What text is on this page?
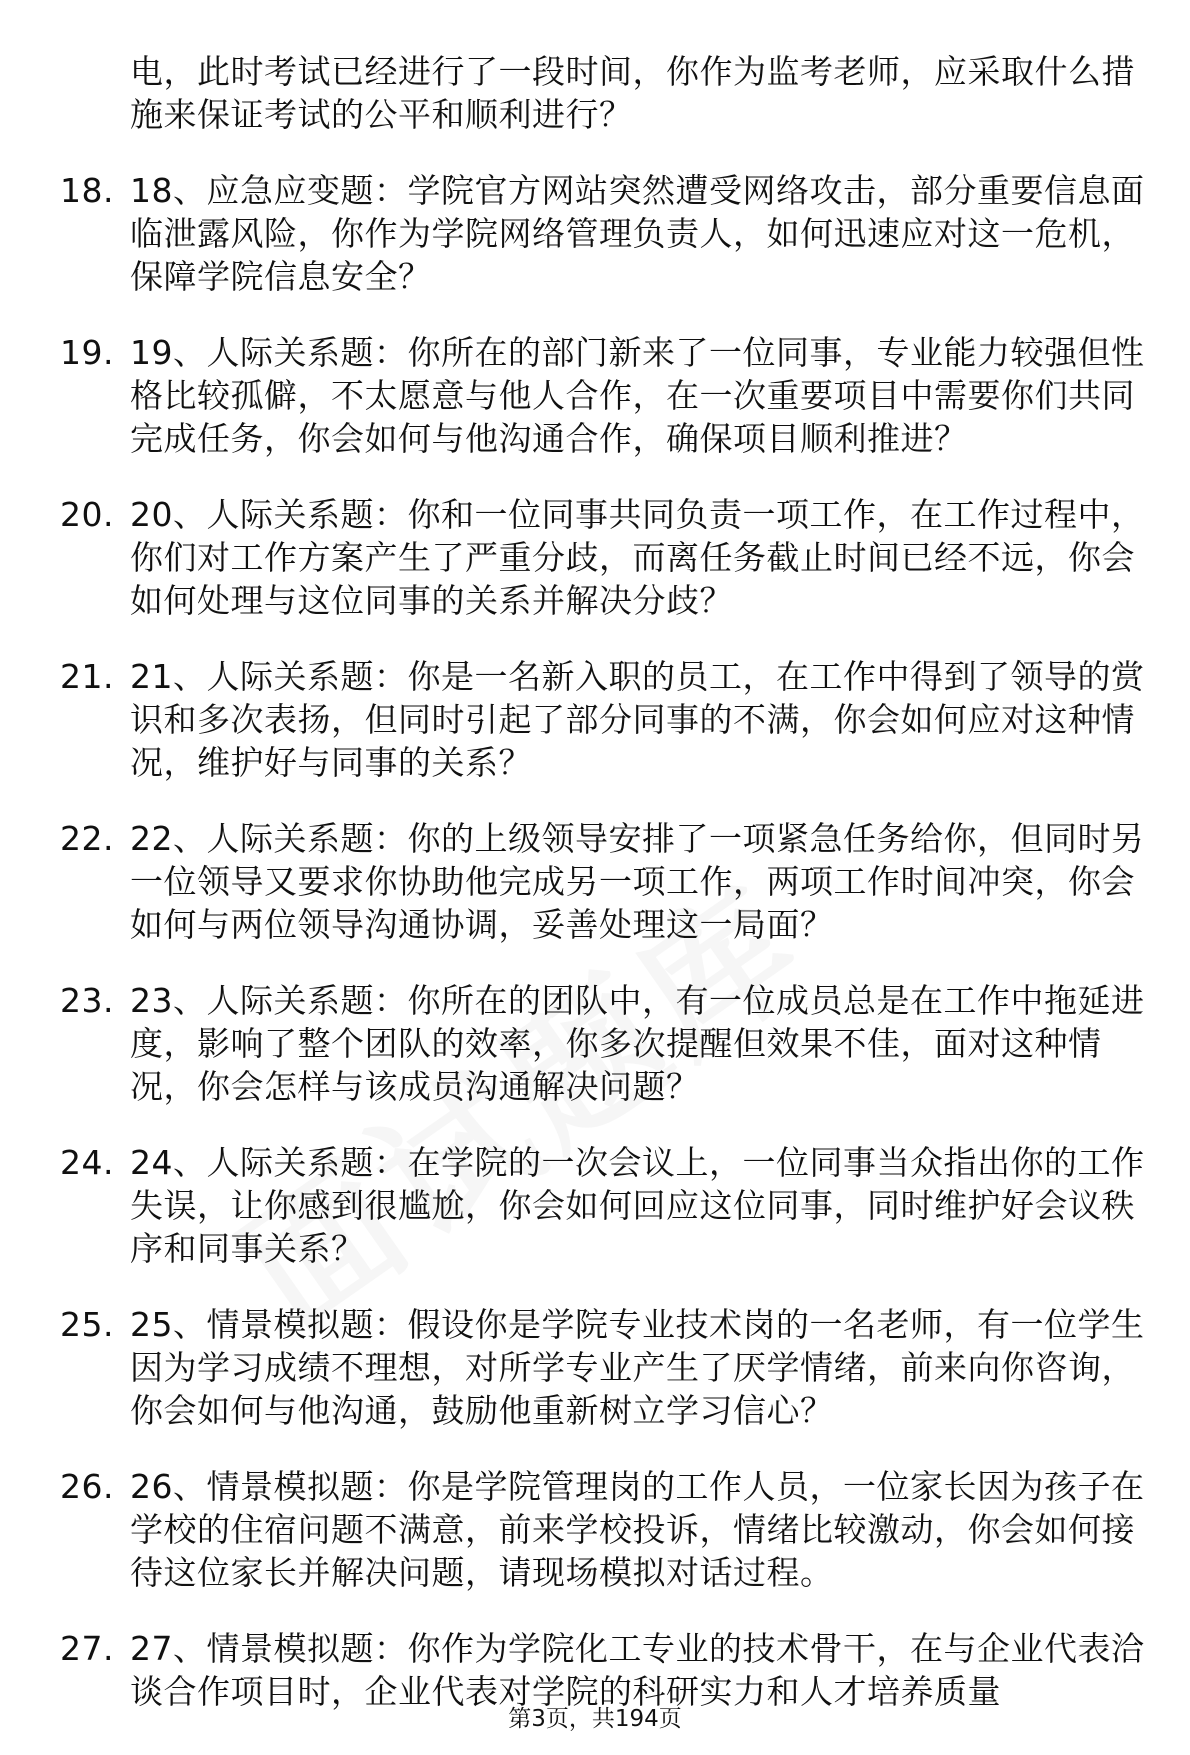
电，此时考试已经进行了一段时间，你作为监考老师，应采取什么措施来保证考试的公平和顺利进行？
18. 18、应急应变题：学院官方网站突然遭受网络攻击，部分重要信息面临泄露风险，你作为学院网络管理负责人，如何迅速应对这一危机，保障学院信息安全？
19. 19、人际关系题：你所在的部门新来了一位同事，专业能力较强但性格比较孤僻，不太愿意与他人合作，在一次重要项目中需要你们共同完成任务，你会如何与他沟通合作，确保项目顺利推进？
20. 20、人际关系题：你和一位同事共同负责一项工作，在工作过程中，你们对工作方案产生了严重分歧，而离任务截止时间已经不远，你会如何处理与这位同事的关系并解决分歧？
21. 21、人际关系题：你是一名新入职的员工，在工作中得到了领导的赏识和多次表扬，但同时引起了部分同事的不满，你会如何应对这种情况，维护好与同事的关系？
22. 22、人际关系题：你的上级领导安排了一项紧急任务给你，但同时另一位领导又要求你协助他完成另一项工作，两项工作时间冲突，你会如何与两位领导沟通协调，妥善处理这一局面？
23. 23、人际关系题：你所在的团队中，有一位成员总是在工作中拖延进度，影响了整个团队的效率，你多次提醒但效果不佳，面对这种情况，你会怎样与该成员沟通解决问题？
24. 24、人际关系题：在学院的一次会议上，一位同事当众指出你的工作失误，让你感到很尴尬，你会如何回应这位同事，同时维护好会议秩序和同事关系？
25. 25、情景模拟题：假设你是学院专业技术岗的一名老师，有一位学生因为学习成绩不理想，对所学专业产生了厌学情绪，前来向你咨询，你会如何与他沟通，鼓励他重新树立学习信心？
26. 26、情景模拟题：你是学院管理岗的工作人员，一位家长因为孩子在学校的住宿问题不满意，前来学校投诉，情绪比较激动，你会如何接待这位家长并解决问题，请现场模拟对话过程。
27. 27、情景模拟题：你作为学院化工专业的技术骨干，在与企业代表洽谈合作项目时，企业代表对学院的科研实力和人才培养质量
第3页，共194页
